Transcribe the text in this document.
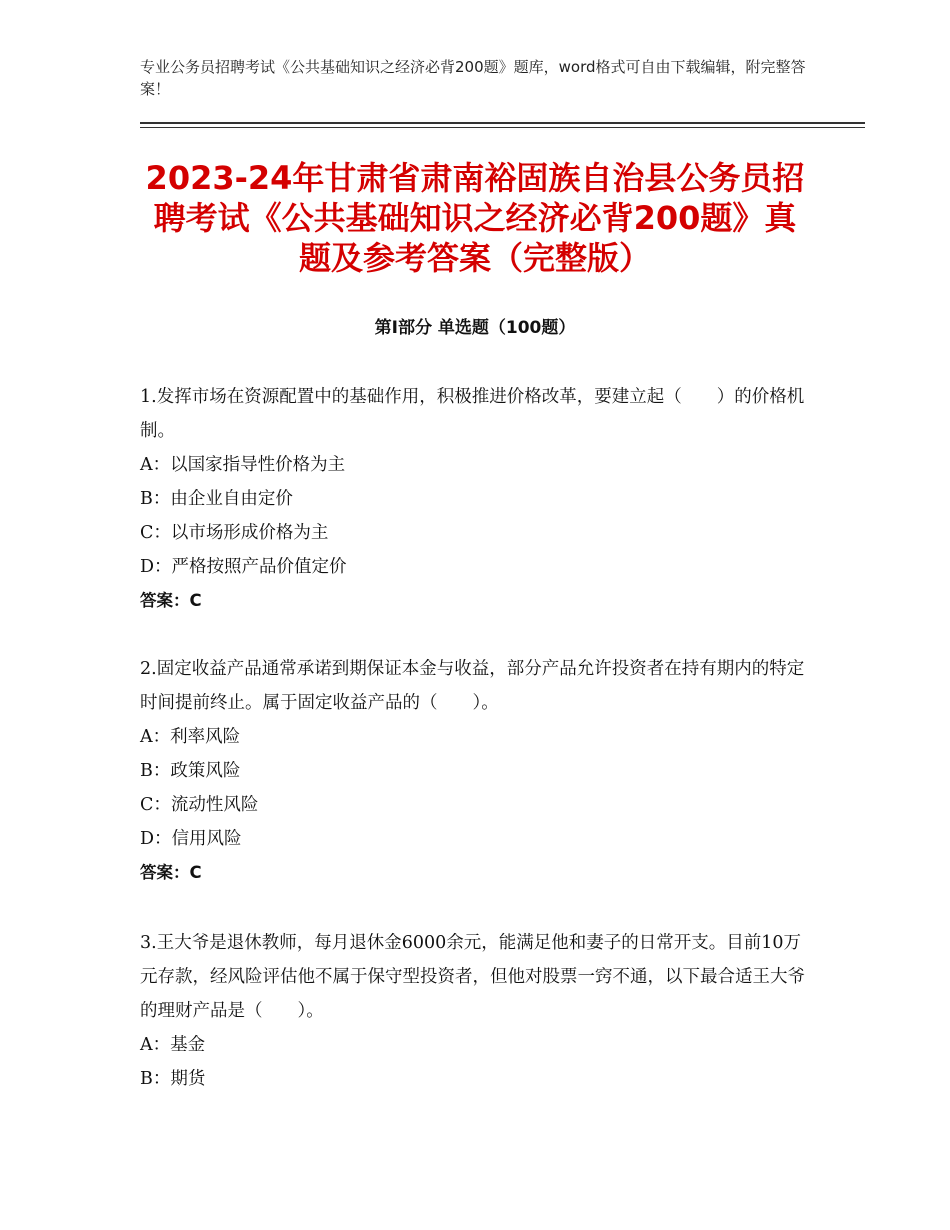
专业公务员招聘考试《公共基础知识之经济必背200题》题库，word格式可自由下载编辑，附完整答案！
2023-24年甘肃省肃南裕固族自治县公务员招聘考试《公共基础知识之经济必背200题》真题及参考答案（完整版）
第Ⅰ部分 单选题（100题）

1.发挥市场在资源配置中的基础作用，积极推进价格改革，要建立起（　　）的价格机制。

A：以国家指导性价格为主

B：由企业自由定价

C：以市场形成价格为主

D：严格按照产品价值定价

答案：C

2.固定收益产品通常承诺到期保证本金与收益，部分产品允许投资者在持有期内的特定时间提前终止。属于固定收益产品的（　　）。

A：利率风险

B：政策风险

C：流动性风险

D：信用风险

答案：C

3.王大爷是退休教师，每月退休金6000余元，能满足他和妻子的日常开支。目前10万元存款，经风险评估他不属于保守型投资者，但他对股票一窍不通，以下最合适王大爷的理财产品是（　　）。

A：基金

B：期货
